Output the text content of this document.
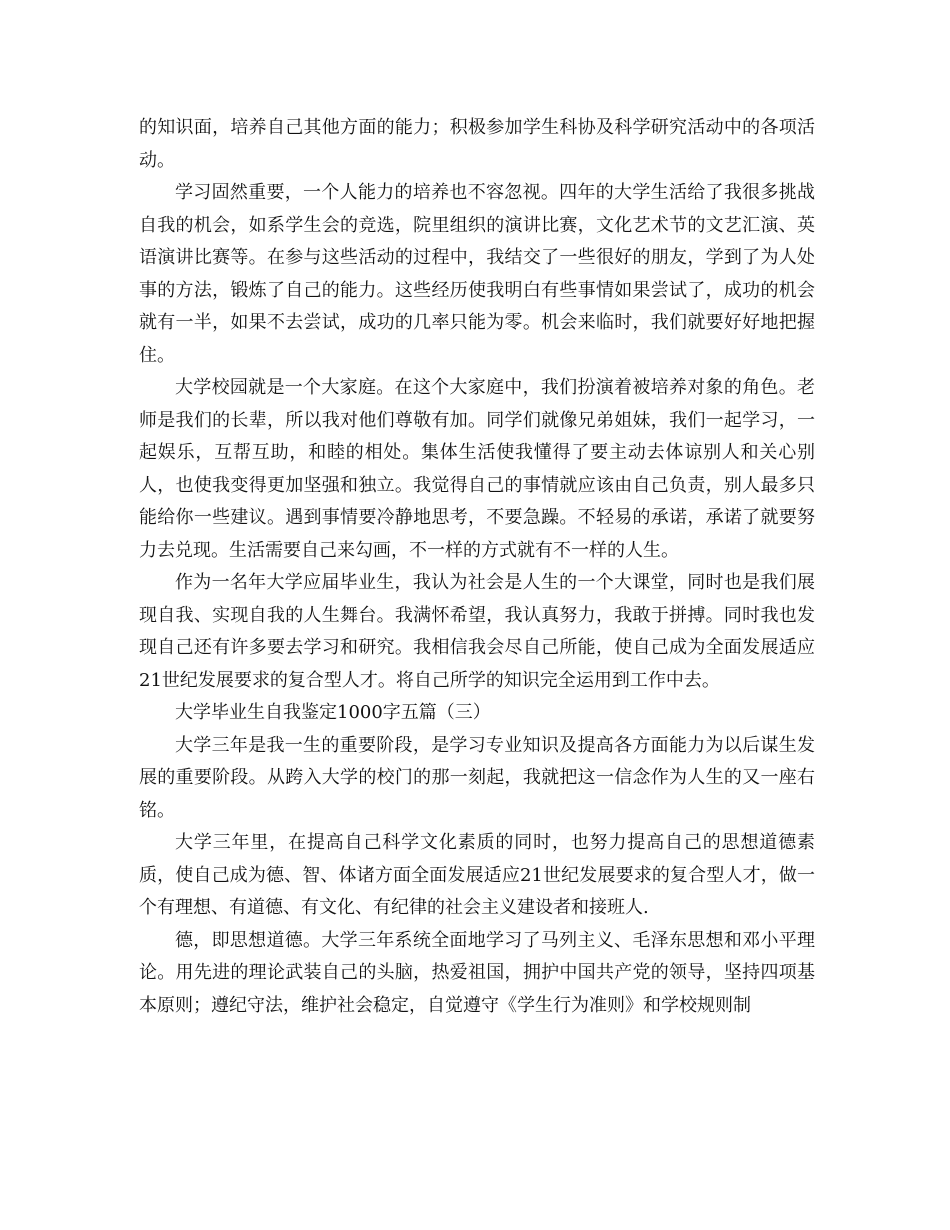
的知识面，培养自己其他方面的能力；积极参加学生科协及科学研究活动中的各项活动。

学习固然重要，一个人能力的培养也不容忽视。四年的大学生活给了我很多挑战自我的机会，如系学生会的竞选，院里组织的演讲比赛，文化艺术节的文艺汇演、英语演讲比赛等。在参与这些活动的过程中，我结交了一些很好的朋友，学到了为人处事的方法，锻炼了自己的能力。这些经历使我明白有些事情如果尝试了，成功的机会就有一半，如果不去尝试，成功的几率只能为零。机会来临时，我们就要好好地把握住。

大学校园就是一个大家庭。在这个大家庭中，我们扮演着被培养对象的角色。老师是我们的长辈，所以我对他们尊敬有加。同学们就像兄弟姐妹，我们一起学习，一起娱乐，互帮互助，和睦的相处。集体生活使我懂得了要主动去体谅别人和关心别人，也使我变得更加坚强和独立。我觉得自己的事情就应该由自己负责，别人最多只能给你一些建议。遇到事情要冷静地思考，不要急躁。不轻易的承诺，承诺了就要努力去兑现。生活需要自己来勾画，不一样的方式就有不一样的人生。

作为一名年大学应届毕业生，我认为社会是人生的一个大课堂，同时也是我们展现自我、实现自我的人生舞台。我满怀希望，我认真努力，我敢于拼搏。同时我也发现自己还有许多要去学习和研究。我相信我会尽自己所能，使自己成为全面发展适应21世纪发展要求的复合型人才。将自己所学的知识完全运用到工作中去。

大学毕业生自我鉴定1000字五篇（三）

大学三年是我一生的重要阶段，是学习专业知识及提高各方面能力为以后谋生发展的重要阶段。从跨入大学的校门的那一刻起，我就把这一信念作为人生的又一座右铭。

大学三年里，在提高自己科学文化素质的同时，也努力提高自己的思想道德素质，使自己成为德、智、体诸方面全面发展适应21世纪发展要求的复合型人才，做一个有理想、有道德、有文化、有纪律的社会主义建设者和接班人.

德，即思想道德。大学三年系统全面地学习了马列主义、毛泽东思想和邓小平理论。用先进的理论武装自己的头脑，热爱祖国，拥护中国共产党的领导，坚持四项基本原则；遵纪守法，维护社会稳定，自觉遵守《学生行为准则》和学校规则制
